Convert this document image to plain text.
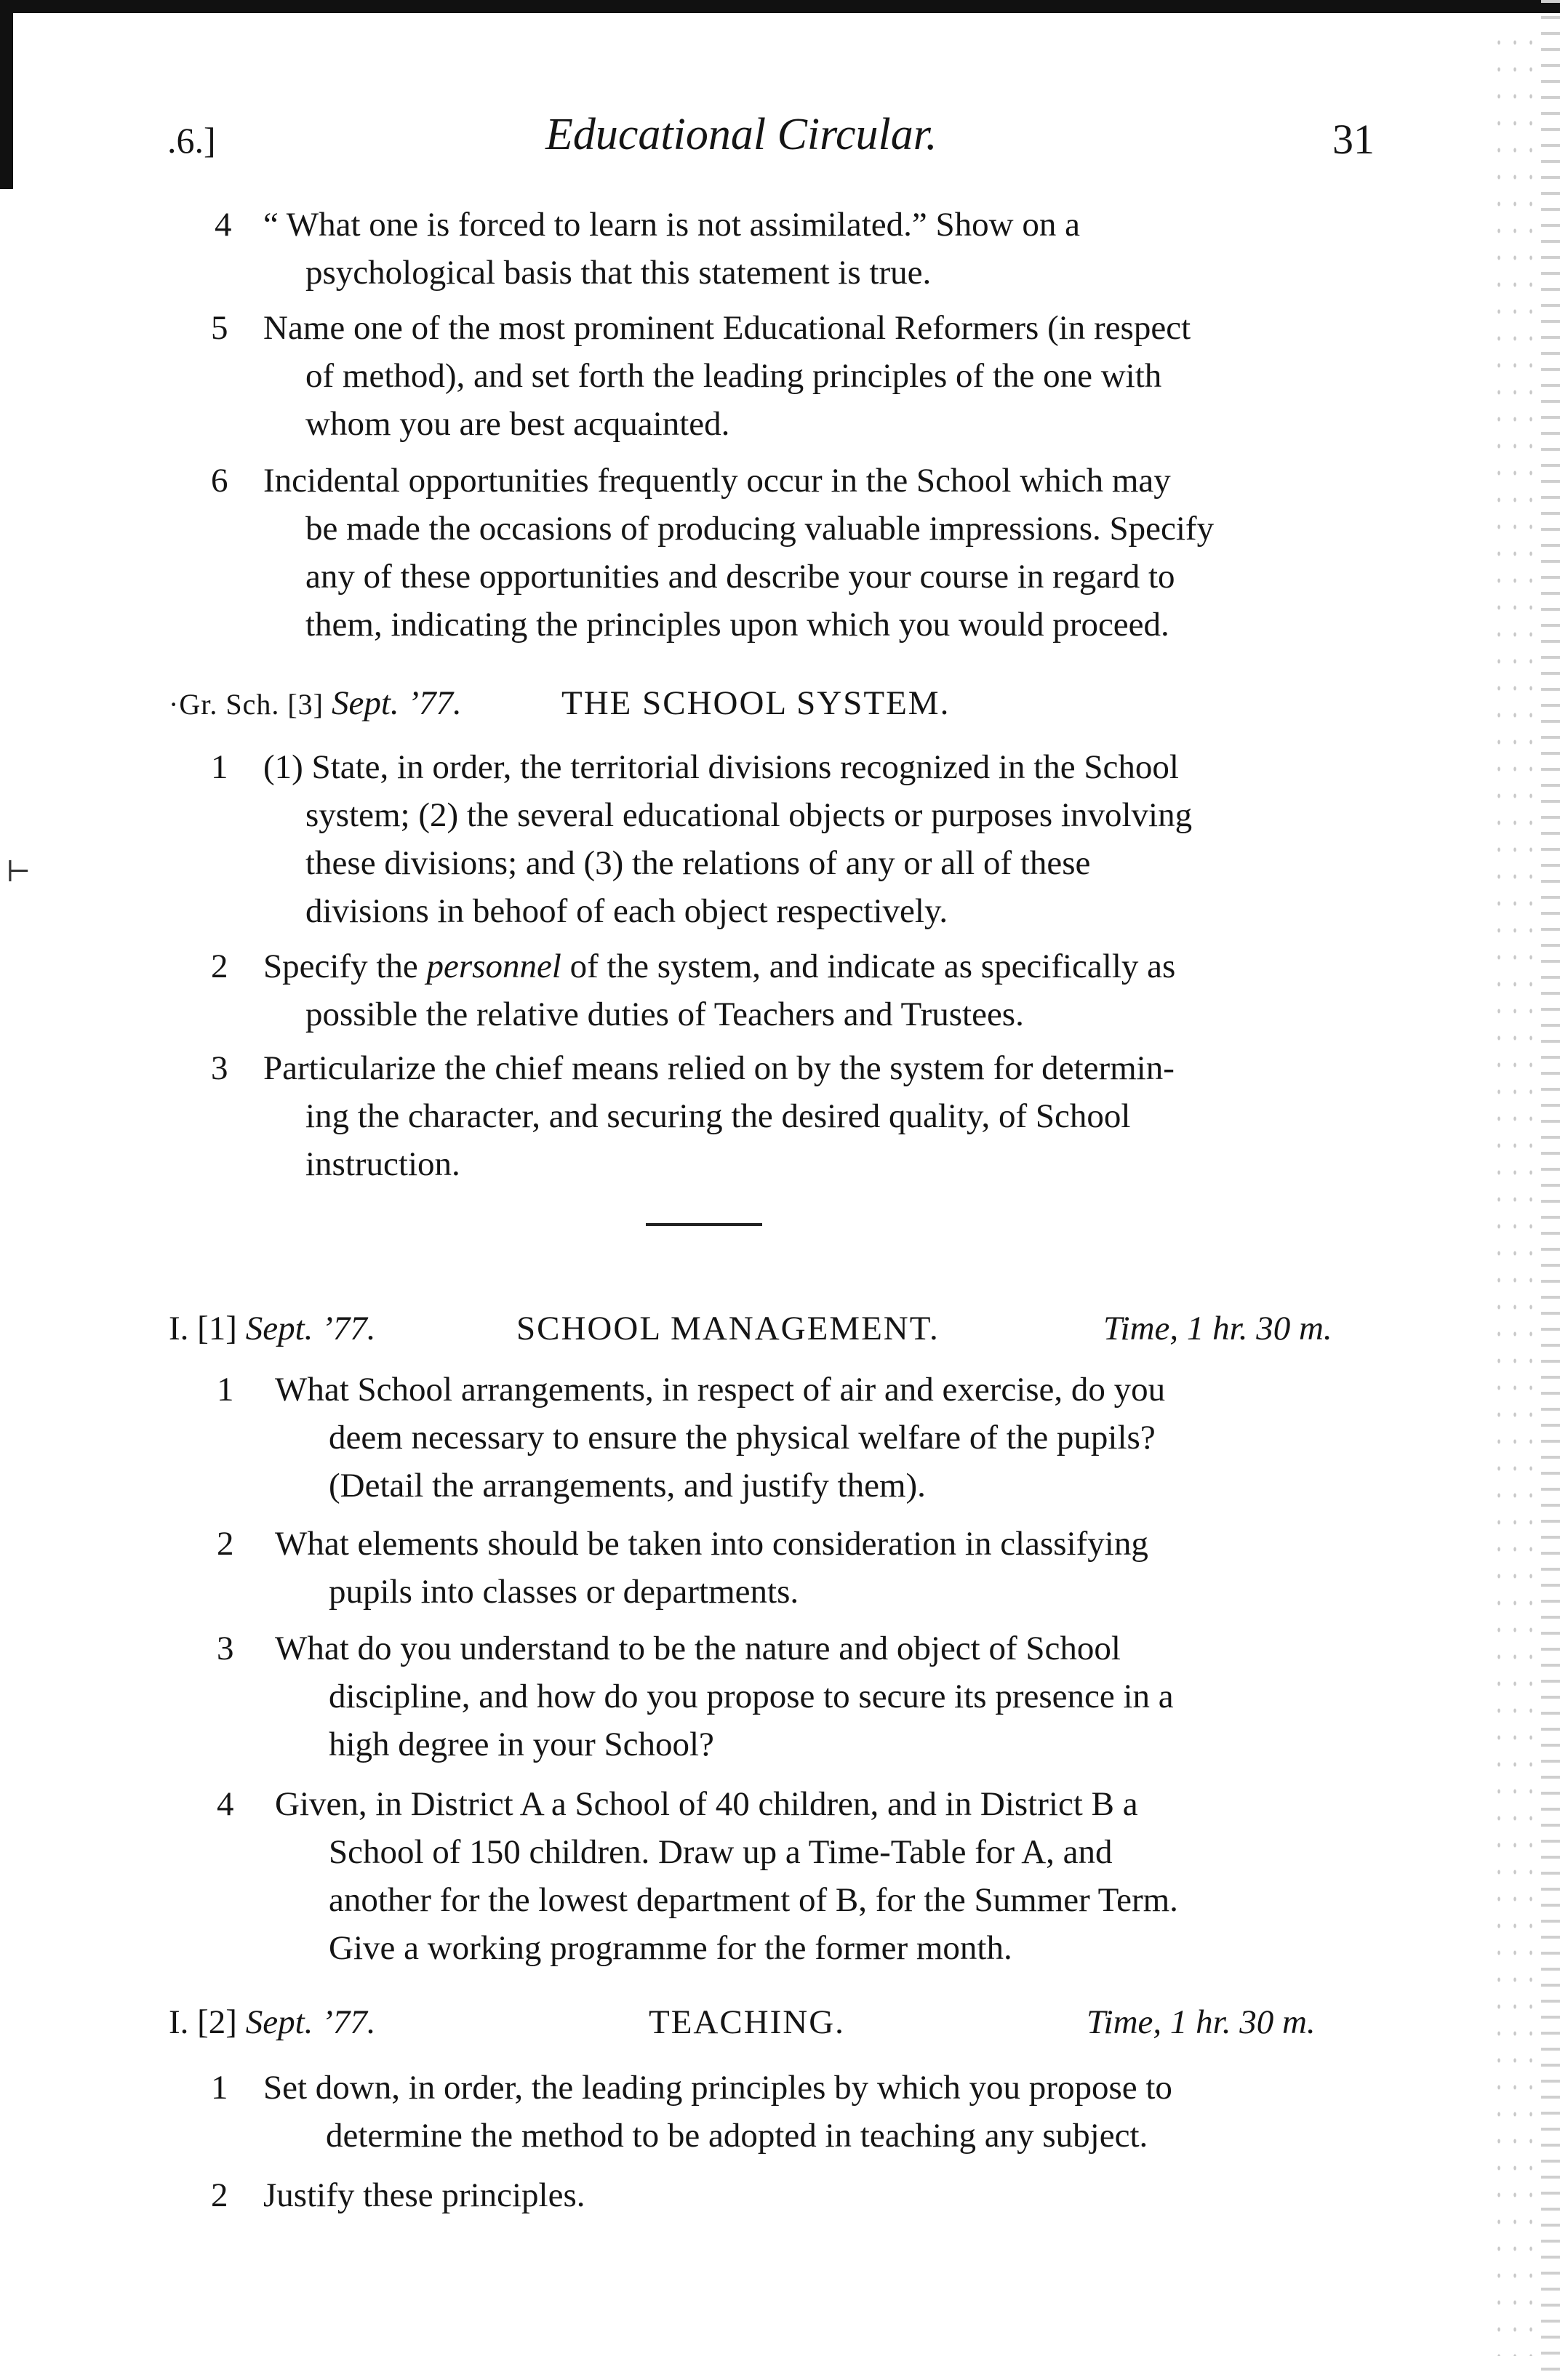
⊢
.6.]	Educational Circular.	31
4 “ What one is forced to learn is not assimilated.” Show on a
psychological basis that this statement is true.
5 Name one of the most prominent Educational Reformers (in respect
of method), and set forth the leading principles of the one with
whom you are best acquainted.
6 Incidental opportunities frequently occur in the School which may
be made the occasions of producing valuable impressions. Specify
any of these opportunities and describe your course in regard to
them, indicating the principles upon which you would proceed.
·Gr. Sch. [3] Sept. ’77.	THE SCHOOL SYSTEM.
1 (1) State, in order, the territorial divisions recognized in the School
system; (2) the several educational objects or purposes involving
these divisions; and (3) the relations of any or all of these
divisions in behoof of each object respectively.
2 Specify the personnel of the system, and indicate as specifically as
possible the relative duties of Teachers and Trustees.
3 Particularize the chief means relied on by the system for determin-
ing the character, and securing the desired quality, of School
instruction.
I. [1] Sept. ’77.	SCHOOL MANAGEMENT.	Time, 1 hr. 30 m.
1 What School arrangements, in respect of air and exercise, do you
deem necessary to ensure the physical welfare of the pupils?
(Detail the arrangements, and justify them).
2 What elements should be taken into consideration in classifying
pupils into classes or departments.
3 What do you understand to be the nature and object of School
discipline, and how do you propose to secure its presence in a
high degree in your School?
4 Given, in District A a School of 40 children, and in District B a
School of 150 children. Draw up a Time-Table for A, and
another for the lowest department of B, for the Summer Term.
Give a working programme for the former month.
I. [2] Sept. ’77.	TEACHING.	Time, 1 hr. 30 m.
1 Set down, in order, the leading principles by which you propose to
determine the method to be adopted in teaching any subject.
2 Justify these principles.
